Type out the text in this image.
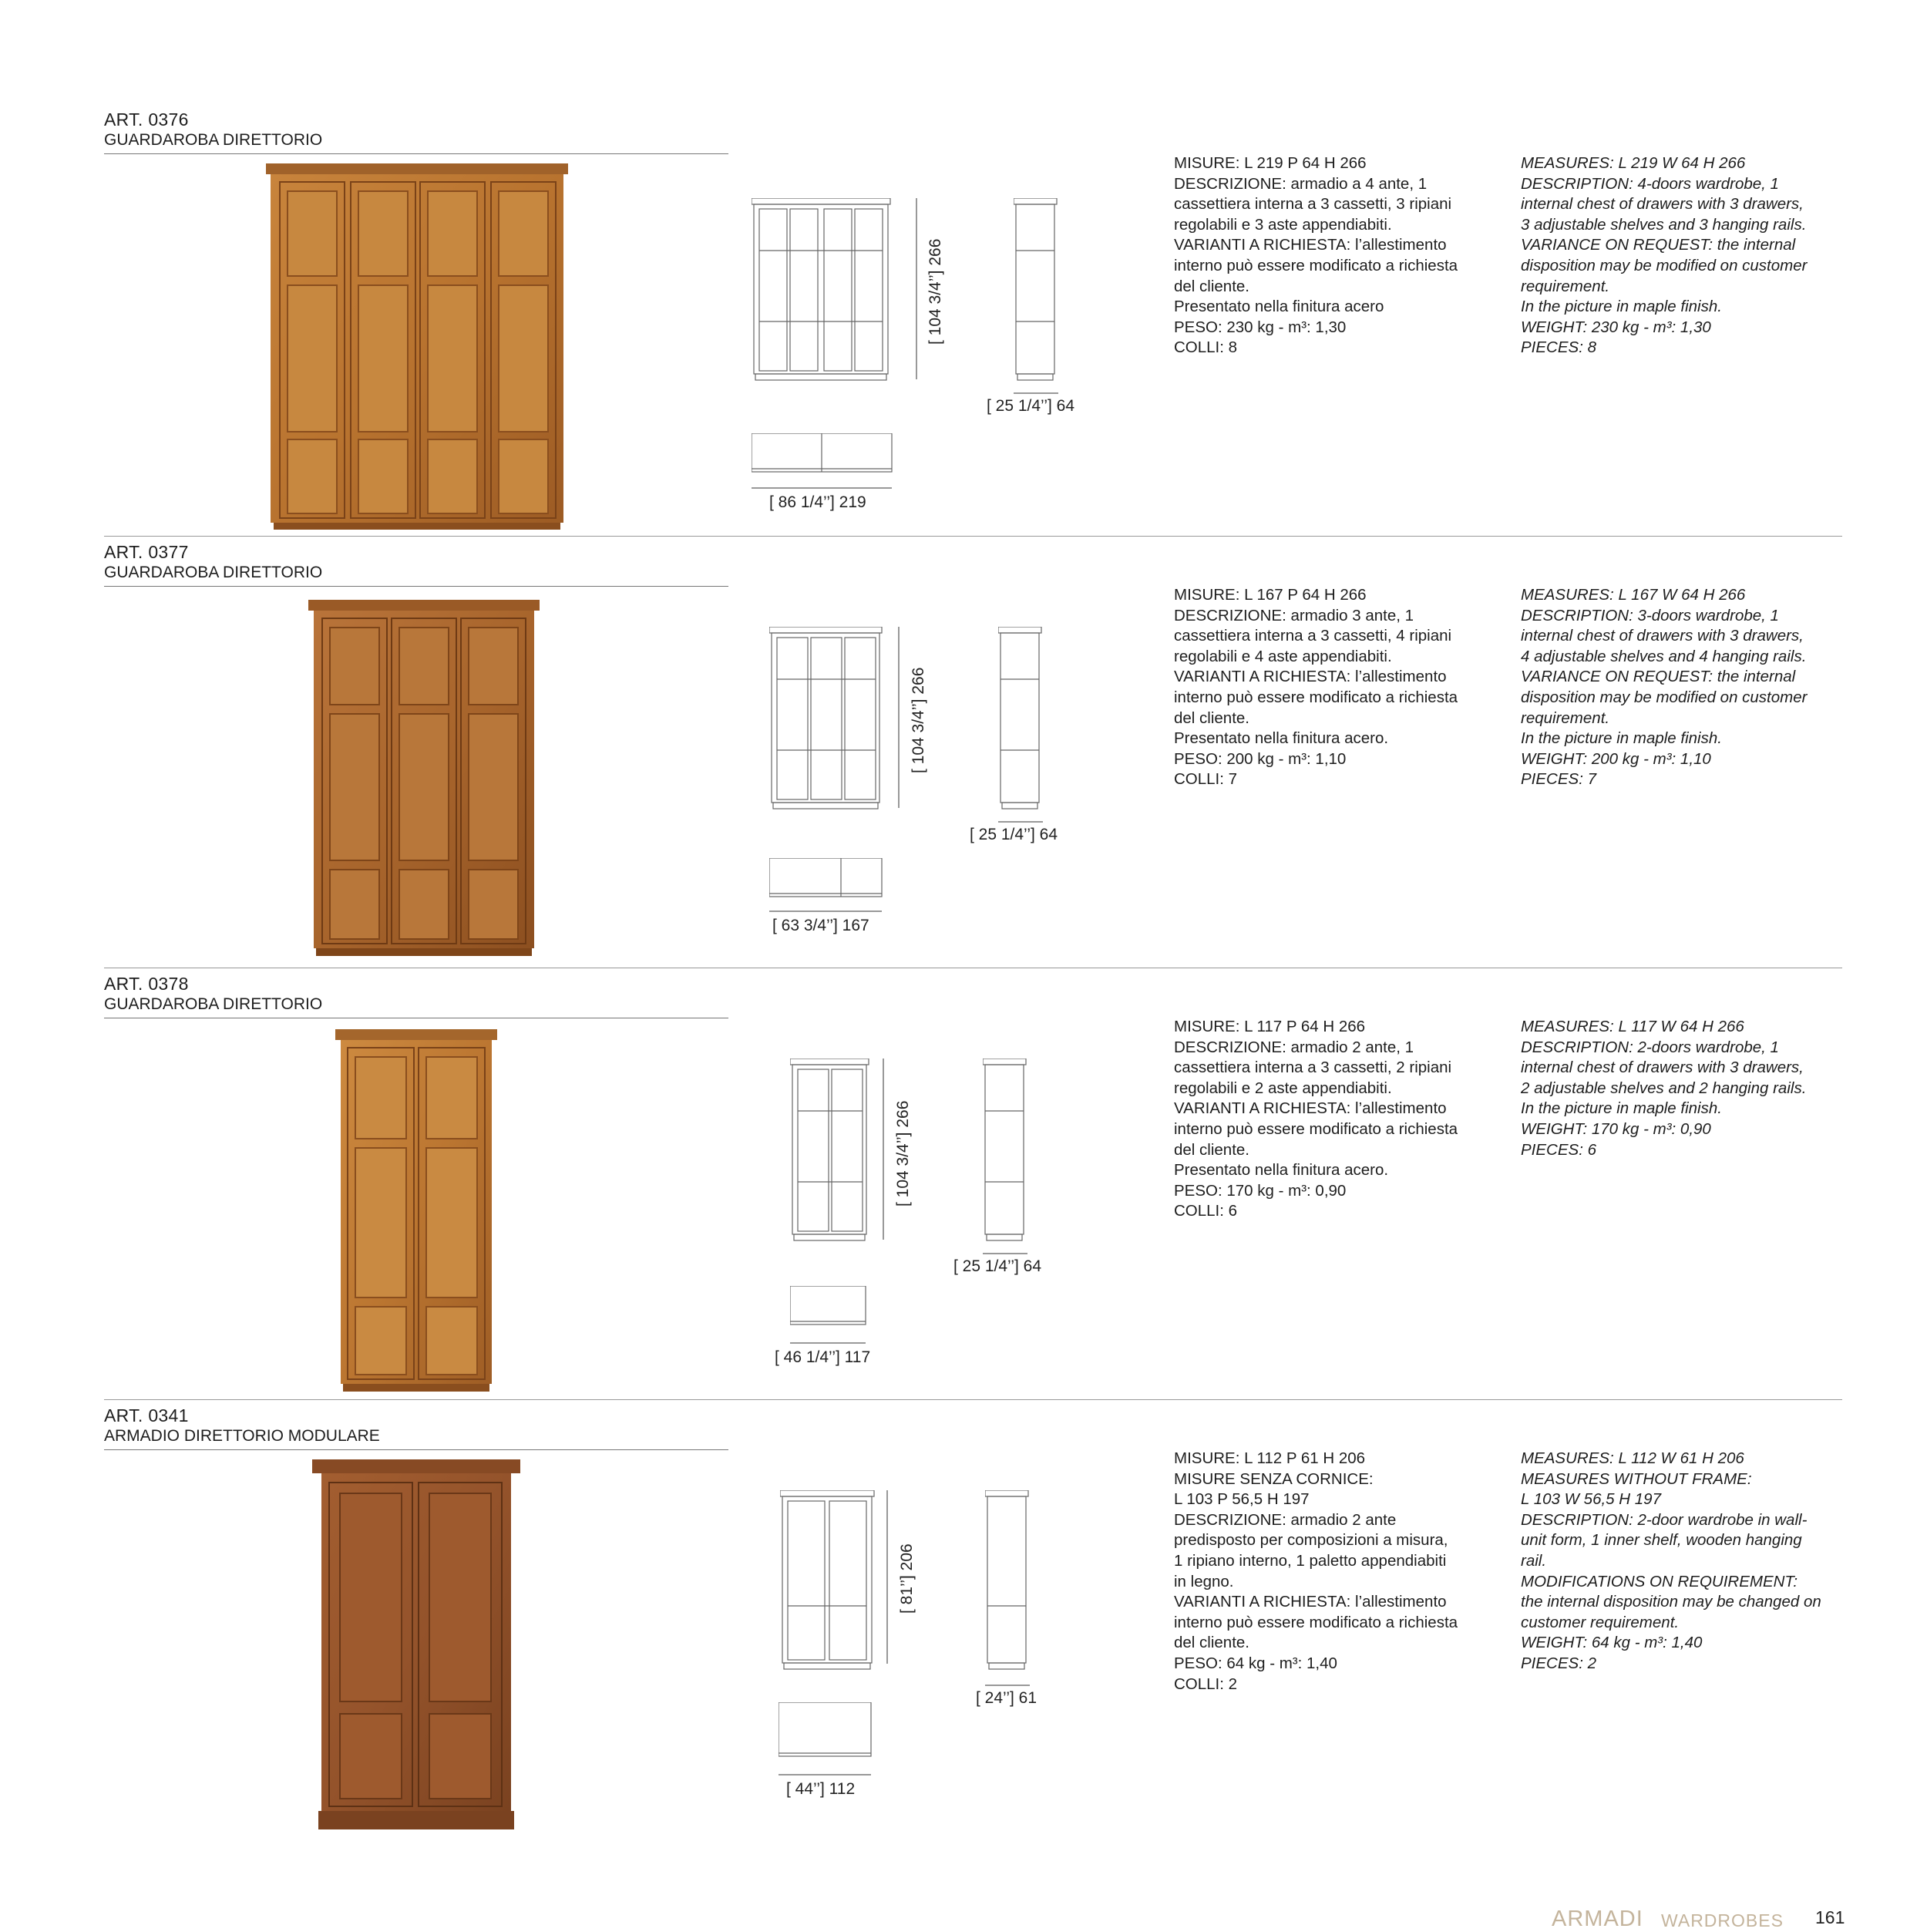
ART. 0376
GUARDAROBA DIRETTORIO
[ 104 3/4’’] 266
[ 25 1/4’’] 64
[ 86 1/4’’] 219
MISURE: L 219 P 64 H 266
DESCRIZIONE: armadio a 4 ante, 1
cassettiera interna a 3 cassetti, 3 ripiani
regolabili e 3 aste appendiabiti.
VARIANTI A RICHIESTA: l’allestimento
interno può essere modificato a richiesta
del cliente.
Presentato nella finitura acero
PESO: 230 kg - m³: 1,30
COLLI: 8
MEASURES: L 219 W 64 H 266
DESCRIPTION: 4-doors wardrobe, 1
internal chest of drawers with 3 drawers,
3 adjustable shelves and 3 hanging rails.
VARIANCE ON REQUEST: the internal
disposition may be modified on customer
requirement.
In the picture in maple finish.
WEIGHT: 230 kg - m³: 1,30
PIECES: 8
ART. 0377
GUARDAROBA DIRETTORIO
[ 104 3/4’’] 266
[ 25 1/4’’] 64
[ 63 3/4’’] 167
MISURE: L 167 P 64 H 266
DESCRIZIONE: armadio 3 ante, 1
cassettiera interna a 3 cassetti, 4 ripiani
regolabili e 4 aste appendiabiti.
VARIANTI A RICHIESTA: l’allestimento
interno può essere modificato a richiesta
del cliente.
Presentato nella finitura acero.
PESO: 200 kg - m³: 1,10
COLLI: 7
MEASURES: L 167 W 64 H 266
DESCRIPTION: 3-doors wardrobe, 1
internal chest of drawers with 3 drawers,
4 adjustable shelves and 4 hanging rails.
VARIANCE ON REQUEST: the internal
disposition may be modified on customer
requirement.
In the picture in maple finish.
WEIGHT: 200 kg - m³: 1,10
PIECES: 7
ART. 0378
GUARDAROBA DIRETTORIO
[ 104 3/4’’] 266
[ 25 1/4’’] 64
[ 46 1/4’’] 117
MISURE: L 117 P 64 H 266
DESCRIZIONE: armadio 2 ante, 1
cassettiera interna a 3 cassetti, 2 ripiani
regolabili e 2 aste appendiabiti.
VARIANTI A RICHIESTA: l’allestimento
interno può essere modificato a richiesta
del cliente.
Presentato nella finitura acero.
PESO: 170 kg - m³: 0,90
COLLI: 6
MEASURES: L 117 W 64 H 266
DESCRIPTION: 2-doors wardrobe, 1
internal chest of drawers with 3 drawers,
2 adjustable shelves and 2 hanging rails.
In the picture in maple finish.
WEIGHT: 170 kg - m³: 0,90
PIECES: 6
ART. 0341
ARMADIO DIRETTORIO MODULARE
[ 81’’] 206
[ 24’’] 61
[ 44’’] 112
MISURE: L 112 P 61 H 206
MISURE SENZA CORNICE:
L 103 P 56,5 H 197
DESCRIZIONE: armadio 2 ante
predisposto per composizioni a misura,
1 ripiano interno, 1 paletto appendiabiti
in legno.
VARIANTI A RICHIESTA: l’allestimento
interno può essere modificato a richiesta
del cliente.
PESO: 64 kg - m³: 1,40
COLLI: 2
MEASURES: L 112 W 61 H 206
MEASURES WITHOUT FRAME:
L 103 W 56,5 H 197
DESCRIPTION: 2-door wardrobe in wall-
unit form, 1 inner shelf, wooden hanging
rail.
MODIFICATIONS ON REQUIREMENT:
the internal disposition may be changed on
customer requirement.
WEIGHT: 64 kg - m³: 1,40
PIECES: 2
ARMADI WARDROBES 161
